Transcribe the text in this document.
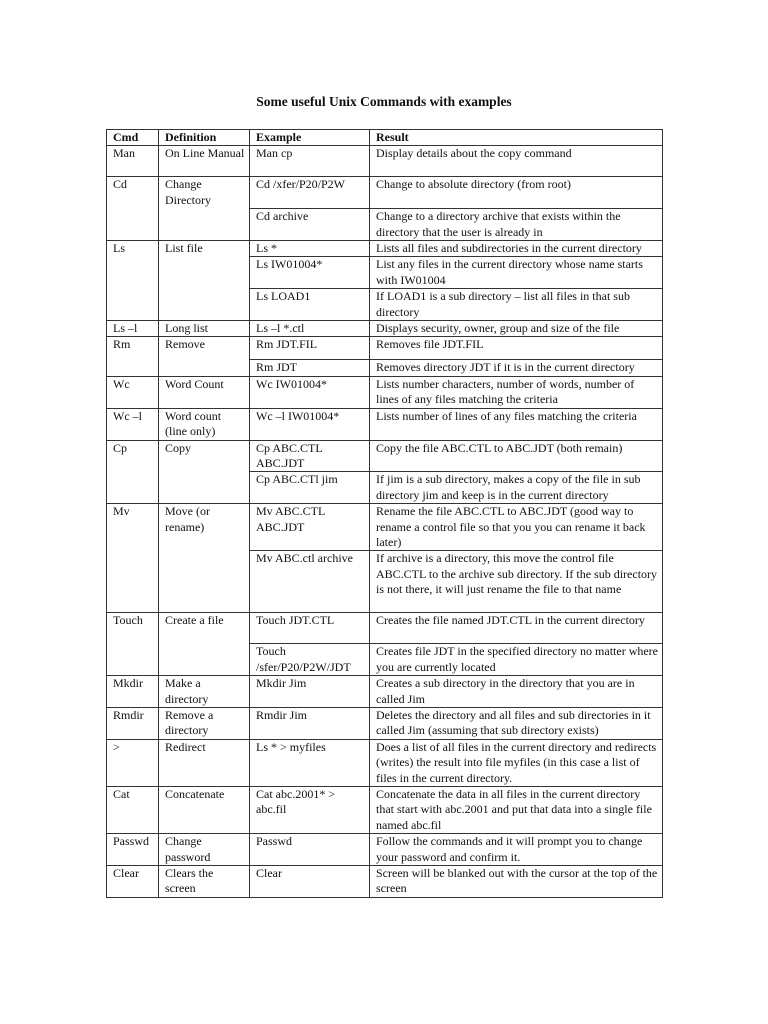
Some useful Unix Commands with examples
Cmd	Definition	Example	Result
Man	On Line Manual	Man cp	Display details about the copy command
Cd	Change Directory	Cd /xfer/P20/P2W	Change to absolute directory (from root)
		Cd archive	Change to a directory archive that exists within the directory that the user is already in
Ls	List file	Ls *	Lists all files and subdirectories in the current directory
		Ls IW01004*	List any files in the current directory whose name starts with IW01004
		Ls LOAD1	If LOAD1 is a sub directory – list all files in that sub directory
Ls –l	Long list	Ls –l *.ctl	Displays security, owner, group and size of the file
Rm	Remove	Rm JDT.FIL	Removes file JDT.FIL
		Rm JDT	Removes directory JDT if it is in the current directory
Wc	Word Count	Wc IW01004*	Lists number characters, number of words, number of lines of any files matching the criteria
Wc –l	Word count (line only)	Wc –l IW01004*	Lists number of lines of any files matching the criteria
Cp	Copy	Cp ABC.CTL ABC.JDT	Copy the file ABC.CTL to ABC.JDT (both remain)
		Cp ABC.CTl jim	If jim is a sub directory, makes a copy of the file in sub directory jim and keep is in the current directory
Mv	Move (or rename)	Mv ABC.CTL ABC.JDT	Rename the file ABC.CTL to ABC.JDT (good way to rename a control file so that you you can rename it back later)
		Mv ABC.ctl archive	If archive is a directory, this move the control file ABC.CTL to the archive sub directory. If the sub directory is not there, it will just rename the file to that name
Touch	Create a file	Touch JDT.CTL	Creates the file named JDT.CTL in the current directory
		Touch /sfer/P20/P2W/JDT	Creates file JDT in the specified directory no matter where you are currently located
Mkdir	Make a directory	Mkdir Jim	Creates a sub directory in the directory that you are in called Jim
Rmdir	Remove a directory	Rmdir Jim	Deletes the directory and all files and sub directories in it called Jim (assuming that sub directory exists)
>	Redirect	Ls * > myfiles	Does a list of all files in the current directory and redirects (writes) the result into file myfiles (in this case a list of files in the current directory.
Cat	Concatenate	Cat abc.2001* > abc.fil	Concatenate the data in all files in the current directory that start with abc.2001 and put that data into a single file named abc.fil
Passwd	Change password	Passwd	Follow the commands and it will prompt you to change your password and confirm it.
Clear	Clears the screen	Clear	Screen will be blanked out with the cursor at the top of the screen
